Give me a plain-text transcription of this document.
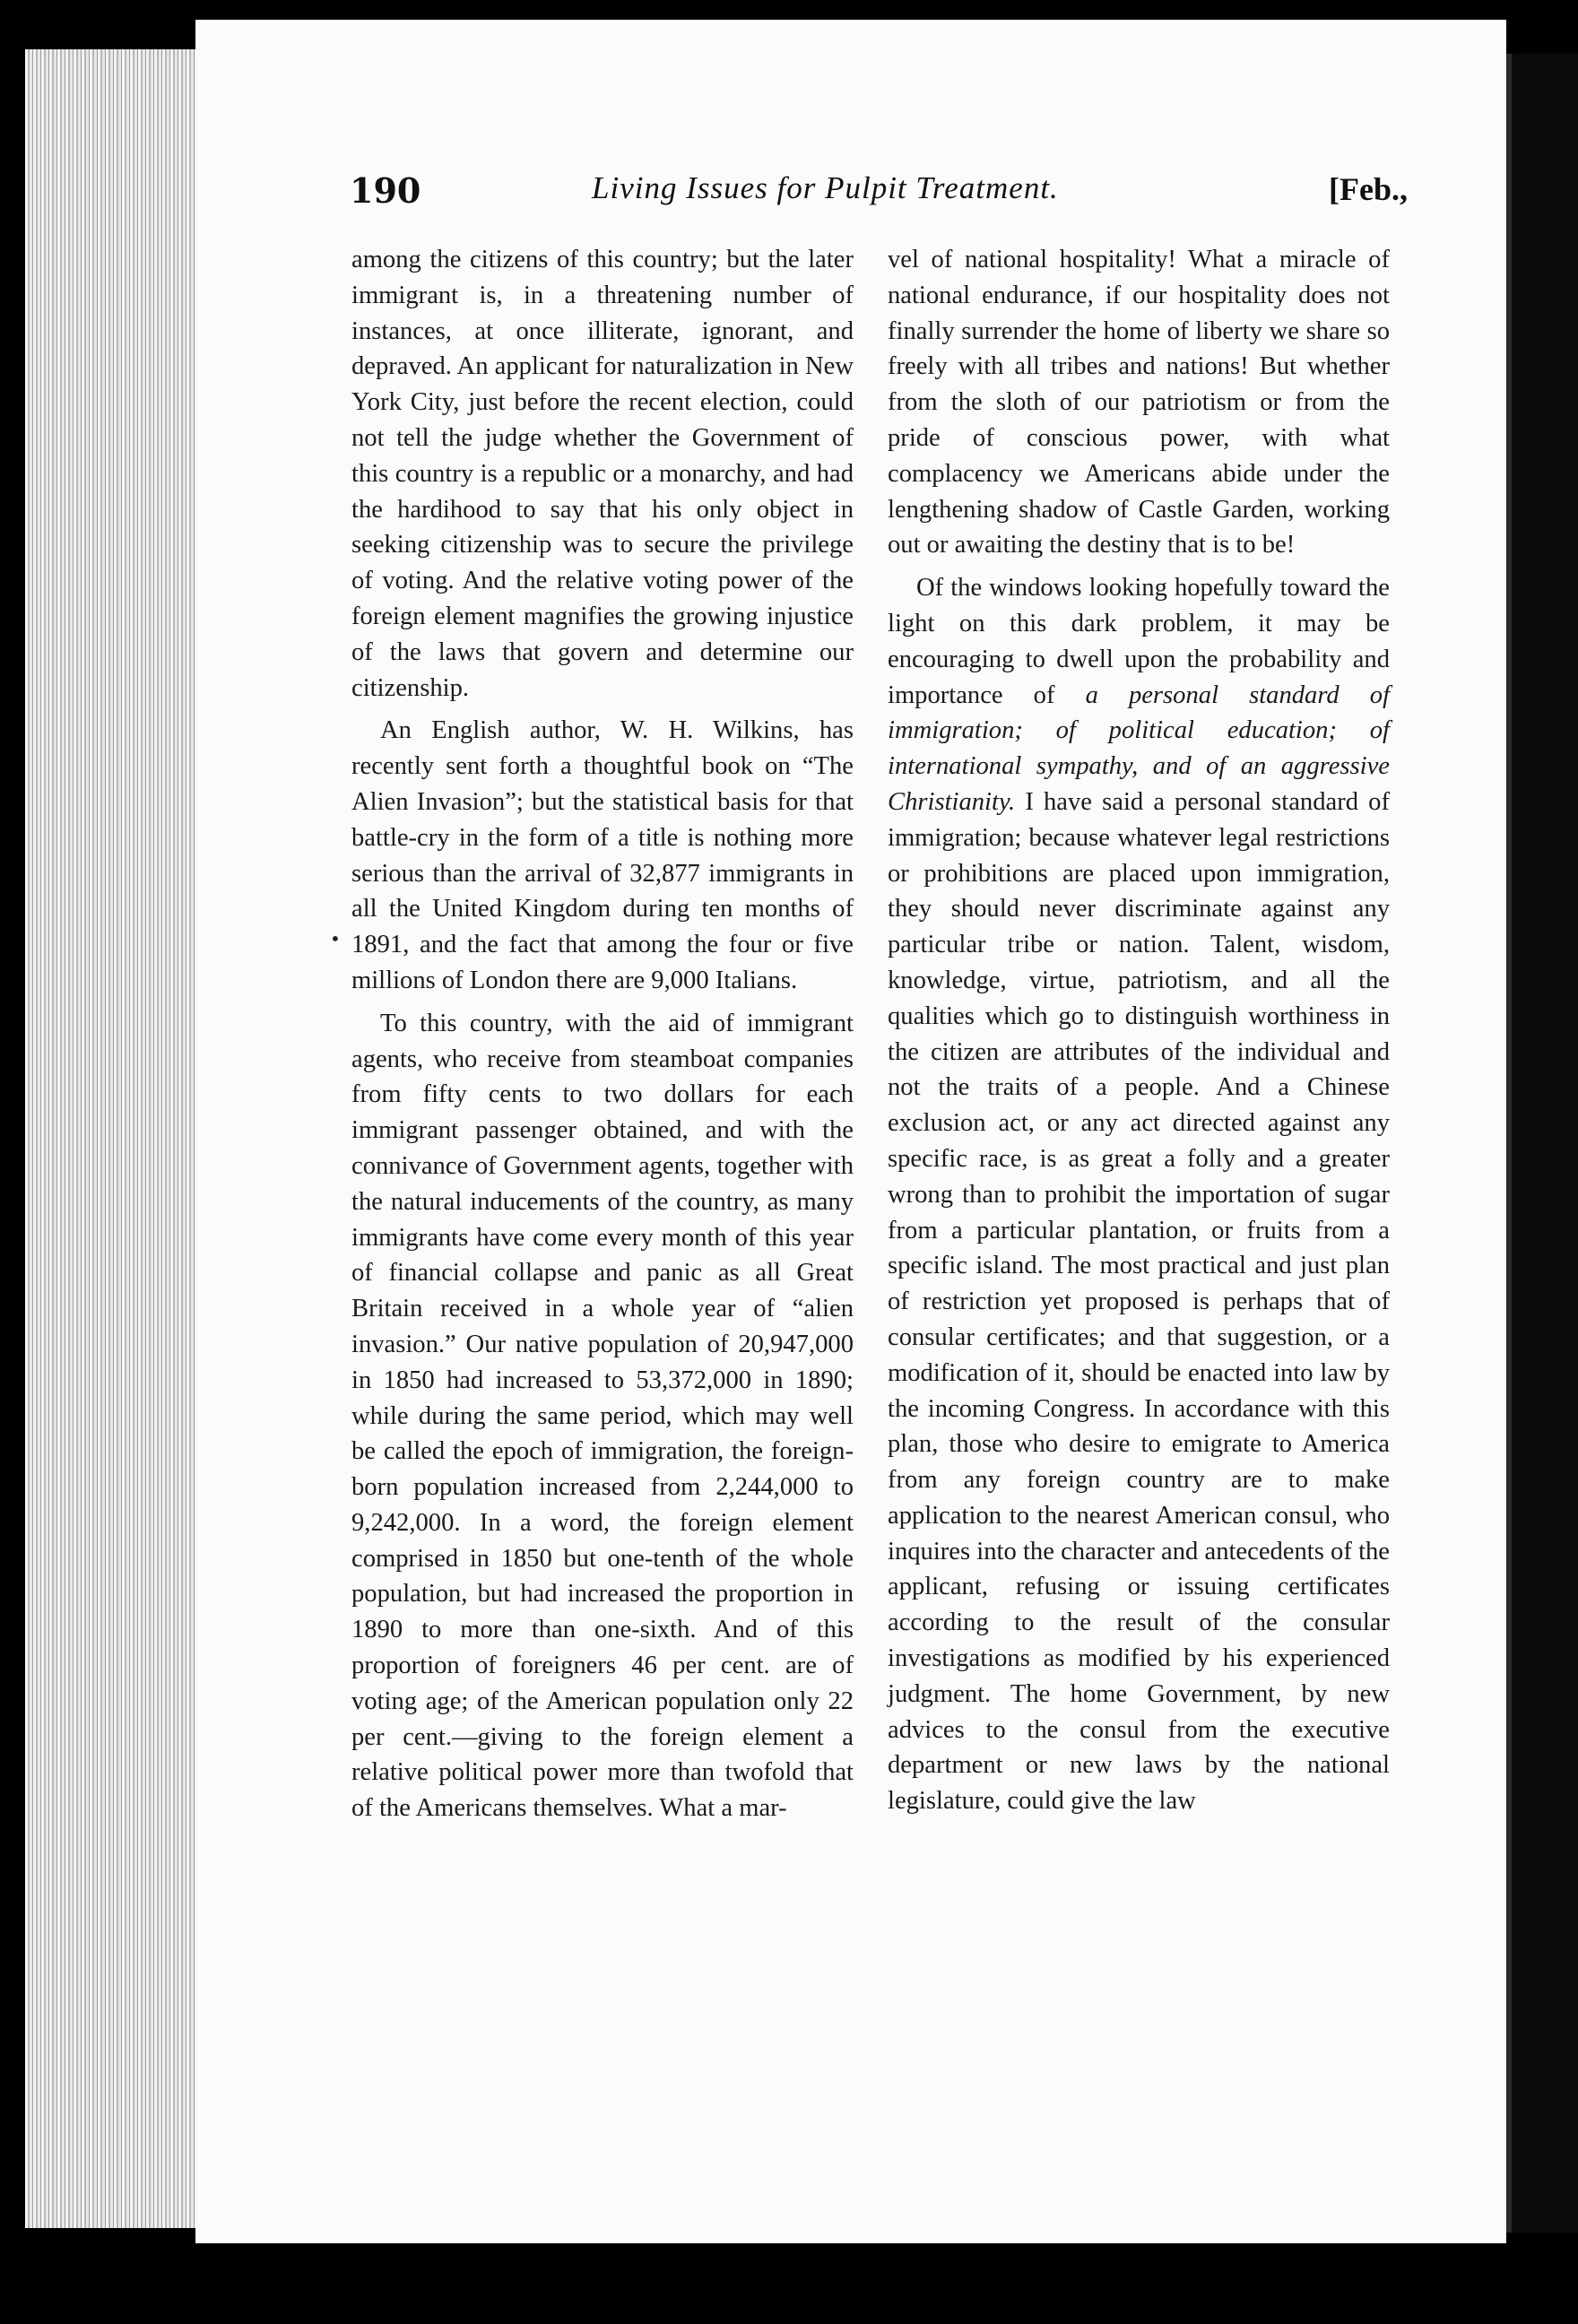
190	Living Issues for Pulpit Treatment.	[Feb.,
•

among the citizens of this country; but the later immigrant is, in a threatening number of instances, at once illiterate, ignorant, and depraved. An applicant for naturalization in New York City, just before the recent election, could not tell the judge whether the Government of this country is a republic or a monarchy, and had the hardihood to say that his only object in seeking citizenship was to secure the privilege of voting. And the relative voting power of the foreign element magnifies the growing injustice of the laws that govern and determine our citizenship.

An English author, W. H. Wilkins, has recently sent forth a thoughtful book on “The Alien Invasion”; but the statistical basis for that battle-cry in the form of a title is nothing more serious than the arrival of 32,877 immigrants in all the United Kingdom during ten months of 1891, and the fact that among the four or five millions of London there are 9,000 Italians.

To this country, with the aid of immigrant agents, who receive from steamboat companies from fifty cents to two dollars for each immigrant passenger obtained, and with the connivance of Government agents, together with the natural inducements of the country, as many immigrants have come every month of this year of financial collapse and panic as all Great Britain received in a whole year of “alien invasion.” Our native population of 20,947,000 in 1850 had increased to 53,372,000 in 1890; while during the same period, which may well be called the epoch of immigration, the foreign-born population increased from 2,244,000 to 9,242,000. In a word, the foreign element comprised in 1850 but one-tenth of the whole population, but had increased the proportion in 1890 to more than one-sixth. And of this proportion of foreigners 46 per cent. are of voting age; of the American population only 22 per cent.—giving to the foreign element a relative political power more than twofold that of the Americans themselves. What a mar-

vel of national hospitality! What a miracle of national endurance, if our hospitality does not finally surrender the home of liberty we share so freely with all tribes and nations! But whether from the sloth of our patriotism or from the pride of conscious power, with what complacency we Americans abide under the lengthening shadow of Castle Garden, working out or awaiting the destiny that is to be!

Of the windows looking hopefully toward the light on this dark problem, it may be encouraging to dwell upon the probability and importance of a personal standard of immigration; of political education; of international sympathy, and of an aggressive Christianity. I have said a personal standard of immigration; because whatever legal restrictions or prohibitions are placed upon immigration, they should never discriminate against any particular tribe or nation. Talent, wisdom, knowledge, virtue, patriotism, and all the qualities which go to distinguish worthiness in the citizen are attributes of the individual and not the traits of a people. And a Chinese exclusion act, or any act directed against any specific race, is as great a folly and a greater wrong than to prohibit the importation of sugar from a particular plantation, or fruits from a specific island. The most practical and just plan of restriction yet proposed is perhaps that of consular certificates; and that suggestion, or a modification of it, should be enacted into law by the incoming Congress. In accordance with this plan, those who desire to emigrate to America from any foreign country are to make application to the nearest American consul, who inquires into the character and antecedents of the applicant, refusing or issuing certificates according to the result of the consular investigations as modified by his experienced judgment. The home Government, by new advices to the consul from the executive department or new laws by the national legislature, could give the law
